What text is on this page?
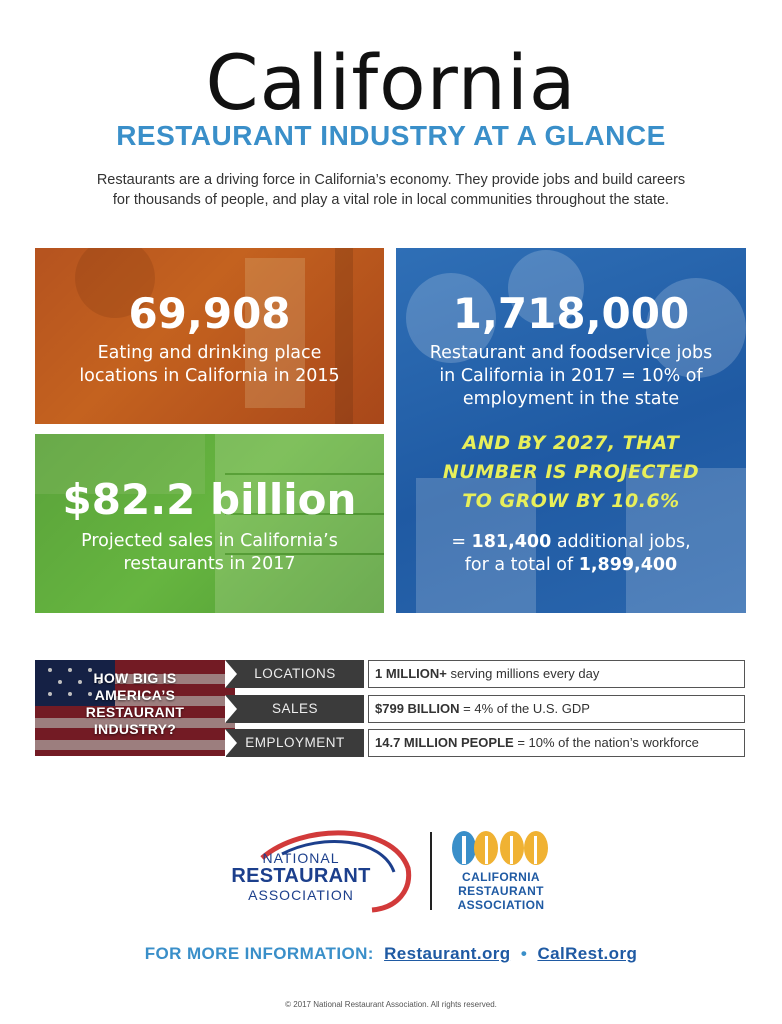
California
RESTAURANT INDUSTRY AT A GLANCE
Restaurants are a driving force in California’s economy. They provide jobs and build careers
for thousands of people, and play a vital role in local communities throughout the state.
69,908
Eating and drinking place
locations in California in 2015
$82.2 billion
Projected sales in California’s
restaurants in 2017
1,718,000
Restaurant and foodservice jobs
in California in 2017 = 10% of
employment in the state
AND BY 2027, THAT
NUMBER IS PROJECTED
TO GROW BY 10.6%
= 181,400 additional jobs,
for a total of 1,899,400
HOW BIG IS
AMERICA’S
RESTAURANT
INDUSTRY?
LOCATIONS	1 MILLION+ serving millions every day
SALES	$799 BILLION = 4% of the U.S. GDP
EMPLOYMENT	14.7 MILLION PEOPLE = 10% of the nation’s workforce
NATIONAL
RESTAURANT
ASSOCIATION
CALIFORNIA
RESTAURANT
ASSOCIATION
FOR MORE INFORMATION: Restaurant.org • CalRest.org
© 2017 National Restaurant Association. All rights reserved.
